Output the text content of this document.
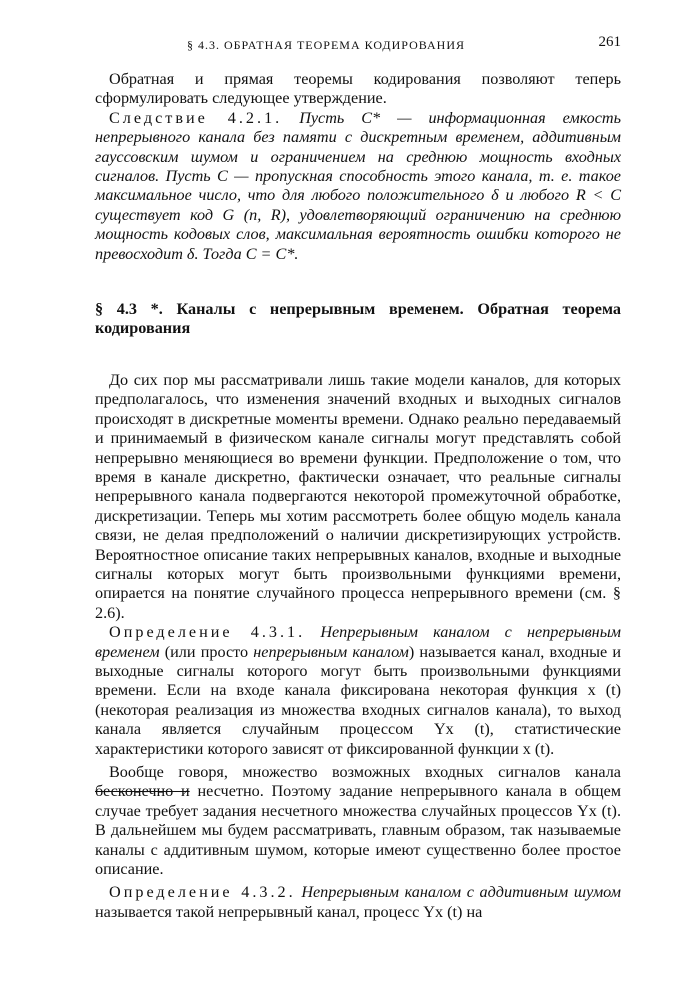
§ 4.3. ОБРАТНАЯ ТЕОРЕМА КОДИРОВАНИЯ	261

Обратная и прямая теоремы кодирования позволяют теперь сформулировать следующее утверждение.

Следствие 4.2.1. Пусть C* — информационная емкость непрерывного канала без памяти с дискретным временем, аддитивным гауссовским шумом и ограничением на среднюю мощность входных сигналов. Пусть C — пропускная способность этого канала, т. е. такое максимальное число, что для любого положительного δ и любого R < C существует код G (n, R), удовлетворяющий ограничению на среднюю мощность кодовых слов, максимальная вероятность ошибки которого не превосходит δ. Тогда C = C*.

§ 4.3 *. Каналы с непрерывным временем. Обратная теорема кодирования

До сих пор мы рассматривали лишь такие модели каналов, для которых предполагалось, что изменения значений входных и выходных сигналов происходят в дискретные моменты времени. Однако реально передаваемый и принимаемый в физическом канале сигналы могут представлять собой непрерывно меняющиеся во времени функции. Предположение о том, что время в канале дискретно, фактически означает, что реальные сигналы непрерывного канала подвергаются некоторой промежуточной обработке, дискретизации. Теперь мы хотим рассмотреть более общую модель канала связи, не делая предположений о наличии дискретизирующих устройств. Вероятностное описание таких непрерывных каналов, входные и выходные сигналы которых могут быть произвольными функциями времени, опирается на понятие случайного процесса непрерывного времени (см. § 2.6).

Определение 4.3.1. Непрерывным каналом с непрерывным временем (или просто непрерывным каналом) называется канал, входные и выходные сигналы которого могут быть произвольными функциями времени. Если на входе канала фиксирована некоторая функция x (t) (некоторая реализация из множества входных сигналов канала), то выход канала является случайным процессом Yx (t), статистические характеристики которого зависят от фиксированной функции x (t).

Вообще говоря, множество возможных входных сигналов канала бесконечно и несчетно. Поэтому задание непрерывного канала в общем случае требует задания несчетного множества случайных процессов Yx (t). В дальнейшем мы будем рассматривать, главным образом, так называемые каналы с аддитивным шумом, которые имеют существенно более простое описание.

Определение 4.3.2. Непрерывным каналом с аддитивным шумом называется такой непрерывный канал, процесс Yx (t) на
